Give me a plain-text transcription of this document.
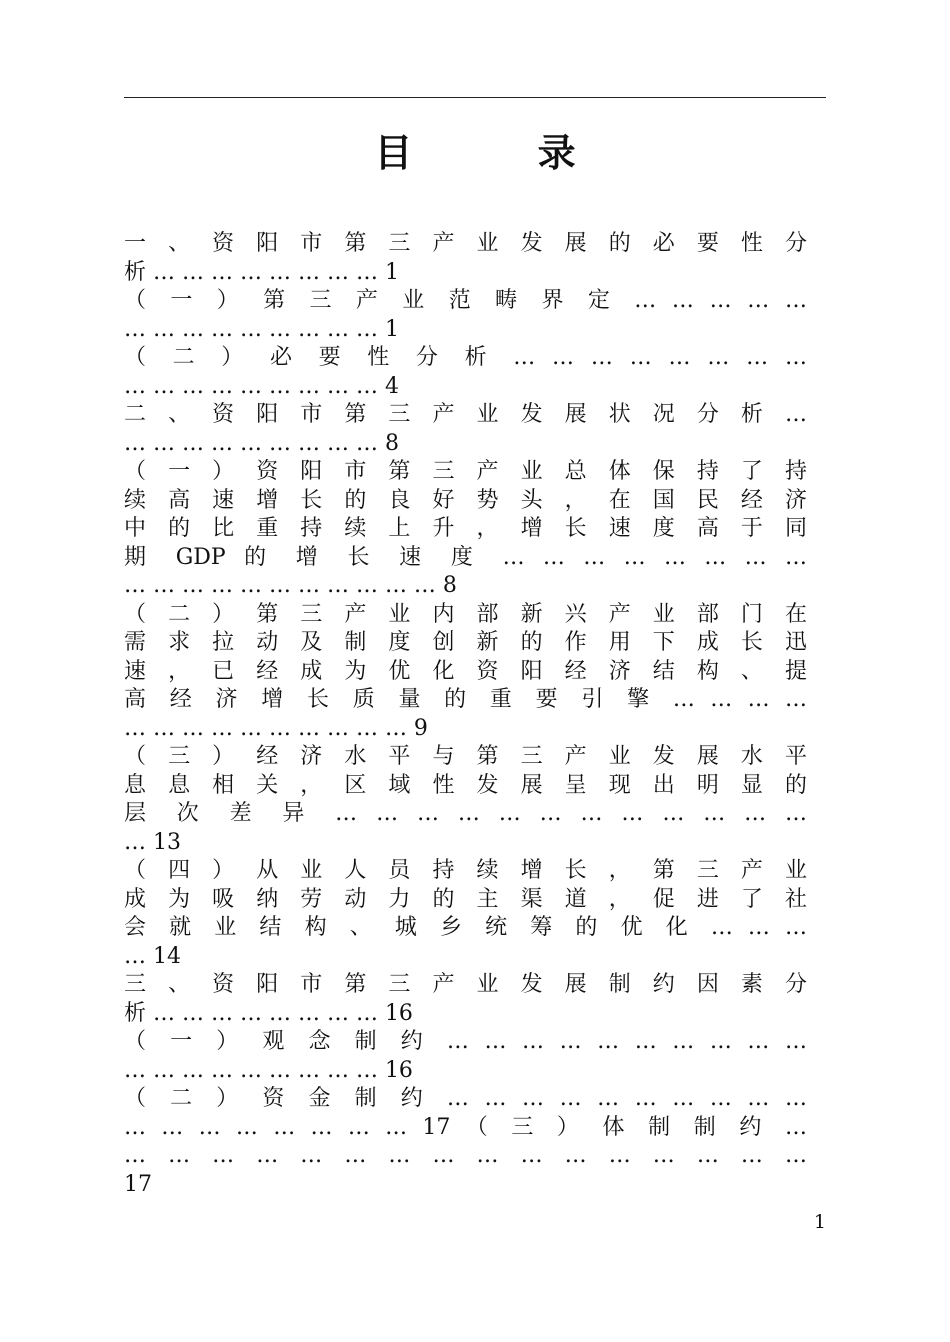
目 录
一 、 资 阳 市 第 三 产 业 发 展 的 必 要 性 分
析 … … … … … … … … 1
（ 一 ） 第 三 产 业 范 畴 界 定 … … … … …
… … … … … … … … … 1
（ 二 ） 必 要 性 分 析 … … … … … … … …
… … … … … … … … … 4
二 、 资 阳 市 第 三 产 业 发 展 状 况 分 析 …
… … … … … … … … … 8
（ 一 ） 资 阳 市 第 三 产 业 总 体 保 持 了 持
续 高 速 增 长 的 良 好 势 头 ， 在 国 民 经 济
中 的 比 重 持 续 上 升 ， 增 长 速 度 高 于 同
期 GDP 的 增 长 速 度 … … … … … … … …
… … … … … … … … … … … 8
（ 二 ） 第 三 产 业 内 部 新 兴 产 业 部 门 在
需 求 拉 动 及 制 度 创 新 的 作 用 下 成 长 迅
速 ， 已 经 成 为 优 化 资 阳 经 济 结 构 、 提
高 经 济 增 长 质 量 的 重 要 引 擎 … … … …
… … … … … … … … … … 9
（ 三 ） 经 济 水 平 与 第 三 产 业 发 展 水 平
息 息 相 关 ， 区 域 性 发 展 呈 现 出 明 显 的
层 次 差 异 … … … … … … … … … … … …
… 13
（ 四 ） 从 业 人 员 持 续 增 长 ， 第 三 产 业
成 为 吸 纳 劳 动 力 的 主 渠 道 ， 促 进 了 社
会 就 业 结 构 、 城 乡 统 筹 的 优 化 … … …
… 14
三 、 资 阳 市 第 三 产 业 发 展 制 约 因 素 分
析 … … … … … … … … 16
（ 一 ） 观 念 制 约 … … … … … … … … … …
… … … … … … … … … 16
（ 二 ） 资 金 制 约 … … … … … … … … … …
… … … … … … … … 17 （ 三 ） 体 制 制 约 …
… … … … … … … … … … … … … … … …
17
1
